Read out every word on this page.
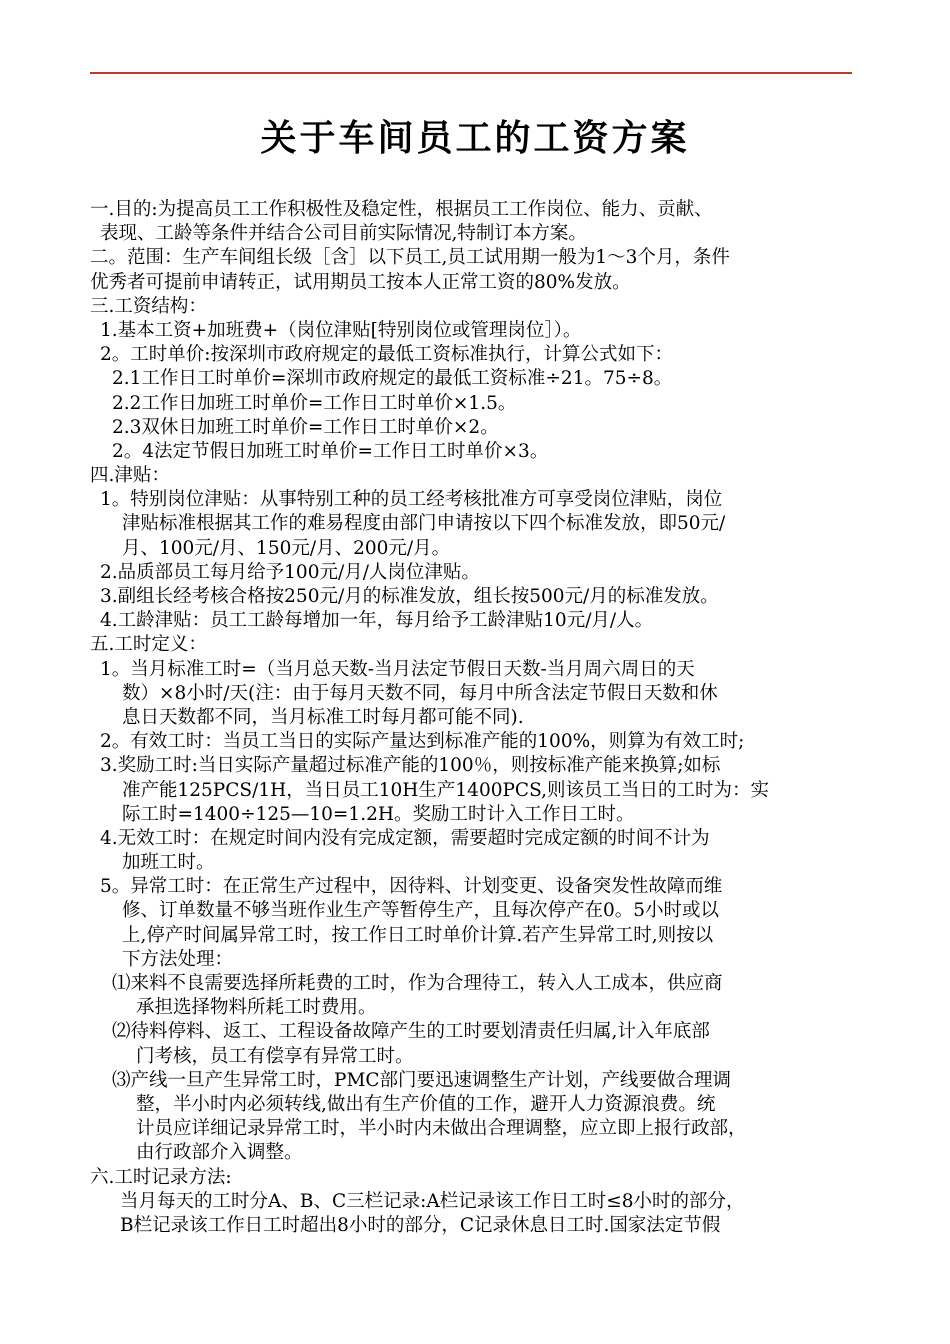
关于车间员工的工资方案
一.目的:为提高员工工作积极性及稳定性，根据员工工作岗位、能力、贡献、
表现、工龄等条件并结合公司目前实际情况,特制订本方案。
二。范围：生产车间组长级［含］以下员工,员工试用期一般为1～3个月，条件
优秀者可提前申请转正，试用期员工按本人正常工资的80%发放。
三.工资结构：
1.基本工资+加班费+（岗位津贴[特别岗位或管理岗位］）。
2。工时单价:按深圳市政府规定的最低工资标准执行，计算公式如下：
2.1工作日工时单价=深圳市政府规定的最低工资标准÷21。75÷8。
2.2工作日加班工时单价=工作日工时单价×1.5。
2.3双休日加班工时单价=工作日工时单价×2。
2。4法定节假日加班工时单价=工作日工时单价×3。
四.津贴：
1。特别岗位津贴：从事特别工种的员工经考核批准方可享受岗位津贴，岗位
津贴标准根据其工作的难易程度由部门申请按以下四个标准发放，即50元/
月、100元/月、150元/月、200元/月。
2.品质部员工每月给予100元/月/人岗位津贴。
3.副组长经考核合格按250元/月的标准发放，组长按500元/月的标准发放。
4.工龄津贴：员工工龄每增加一年，每月给予工龄津贴10元/月/人。
五.工时定义：
1。当月标准工时=（当月总天数-当月法定节假日天数-当月周六周日的天
数）×8小时/天(注：由于每月天数不同，每月中所含法定节假日天数和休
息日天数都不同，当月标准工时每月都可能不同).
2。有效工时：当员工当日的实际产量达到标准产能的100%，则算为有效工时;
3.奖励工时:当日实际产量超过标准产能的100％，则按标准产能来换算;如标
准产能125PCS/1H，当日员工10H生产1400PCS,则该员工当日的工时为：实
际工时=1400÷125—10=1.2H。奖励工时计入工作日工时。
4.无效工时：在规定时间内没有完成定额，需要超时完成定额的时间不计为
加班工时。
5。异常工时：在正常生产过程中，因待料、计划变更、设备突发性故障而维
修、订单数量不够当班作业生产等暂停生产，且每次停产在0。5小时或以
上,停产时间属异常工时，按工作日工时单价计算.若产生异常工时,则按以
下方法处理：
⑴来料不良需要选择所耗费的工时，作为合理待工，转入人工成本，供应商
承担选择物料所耗工时费用。
⑵待料停料、返工、工程设备故障产生的工时要划清责任归属,计入年底部
门考核，员工有偿享有异常工时。
⑶产线一旦产生异常工时，PMC部门要迅速调整生产计划，产线要做合理调
整，半小时内必须转线,做出有生产价值的工作，避开人力资源浪费。统
计员应详细记录异常工时，半小时内未做出合理调整，应立即上报行政部，
由行政部介入调整。
六.工时记录方法:
当月每天的工时分A、B、C三栏记录:A栏记录该工作日工时≤8小时的部分，
B栏记录该工作日工时超出8小时的部分，C记录休息日工时.国家法定节假
